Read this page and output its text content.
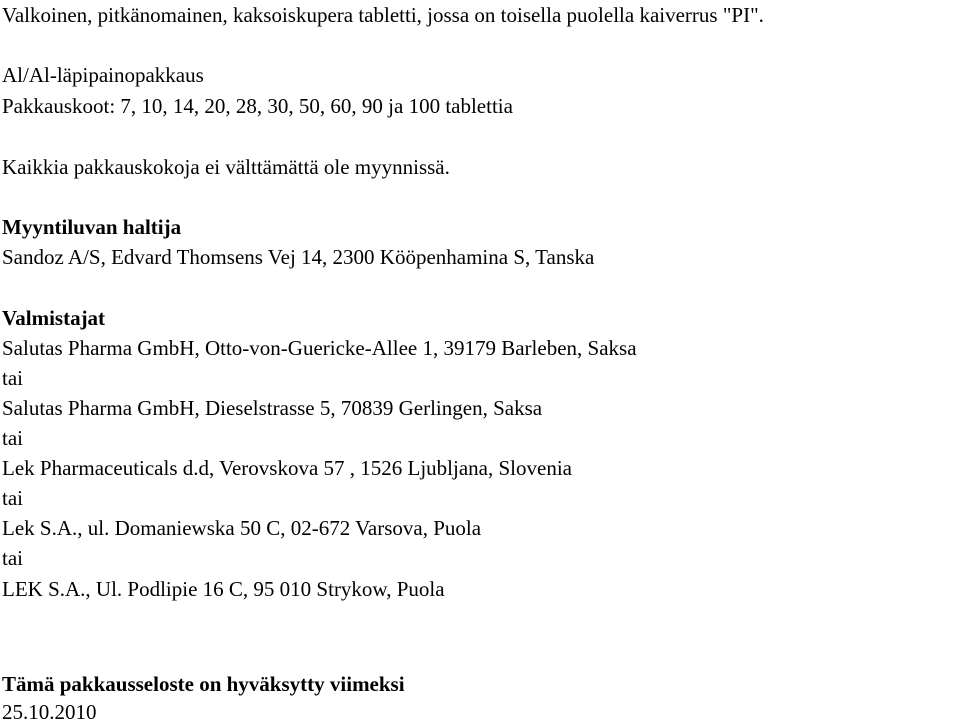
Valkoinen, pitkänomainen, kaksoiskupera tabletti, jossa on toisella puolella kaiverrus "PI".

Al/Al-läpipainopakkaus

Pakkauskoot: 7, 10, 14, 20, 28, 30, 50, 60, 90 ja 100 tablettia

Kaikkia pakkauskokoja ei välttämättä ole myynnissä.

Myyntiluvan haltija

Sandoz A/S, Edvard Thomsens Vej 14, 2300 Kööpenhamina S, Tanska

Valmistajat

Salutas Pharma GmbH, Otto-von-Guericke-Allee 1, 39179 Barleben, Saksa

tai

Salutas Pharma GmbH, Dieselstrasse 5, 70839 Gerlingen, Saksa

tai

Lek Pharmaceuticals d.d, Verovskova 57 , 1526 Ljubljana, Slovenia

tai

Lek S.A., ul. Domaniewska 50 C, 02-672 Varsova, Puola

tai

LEK S.A., Ul. Podlipie 16 C, 95 010 Strykow, Puola

Tämä pakkausseloste on hyväksytty viimeksi

25.10.2010
